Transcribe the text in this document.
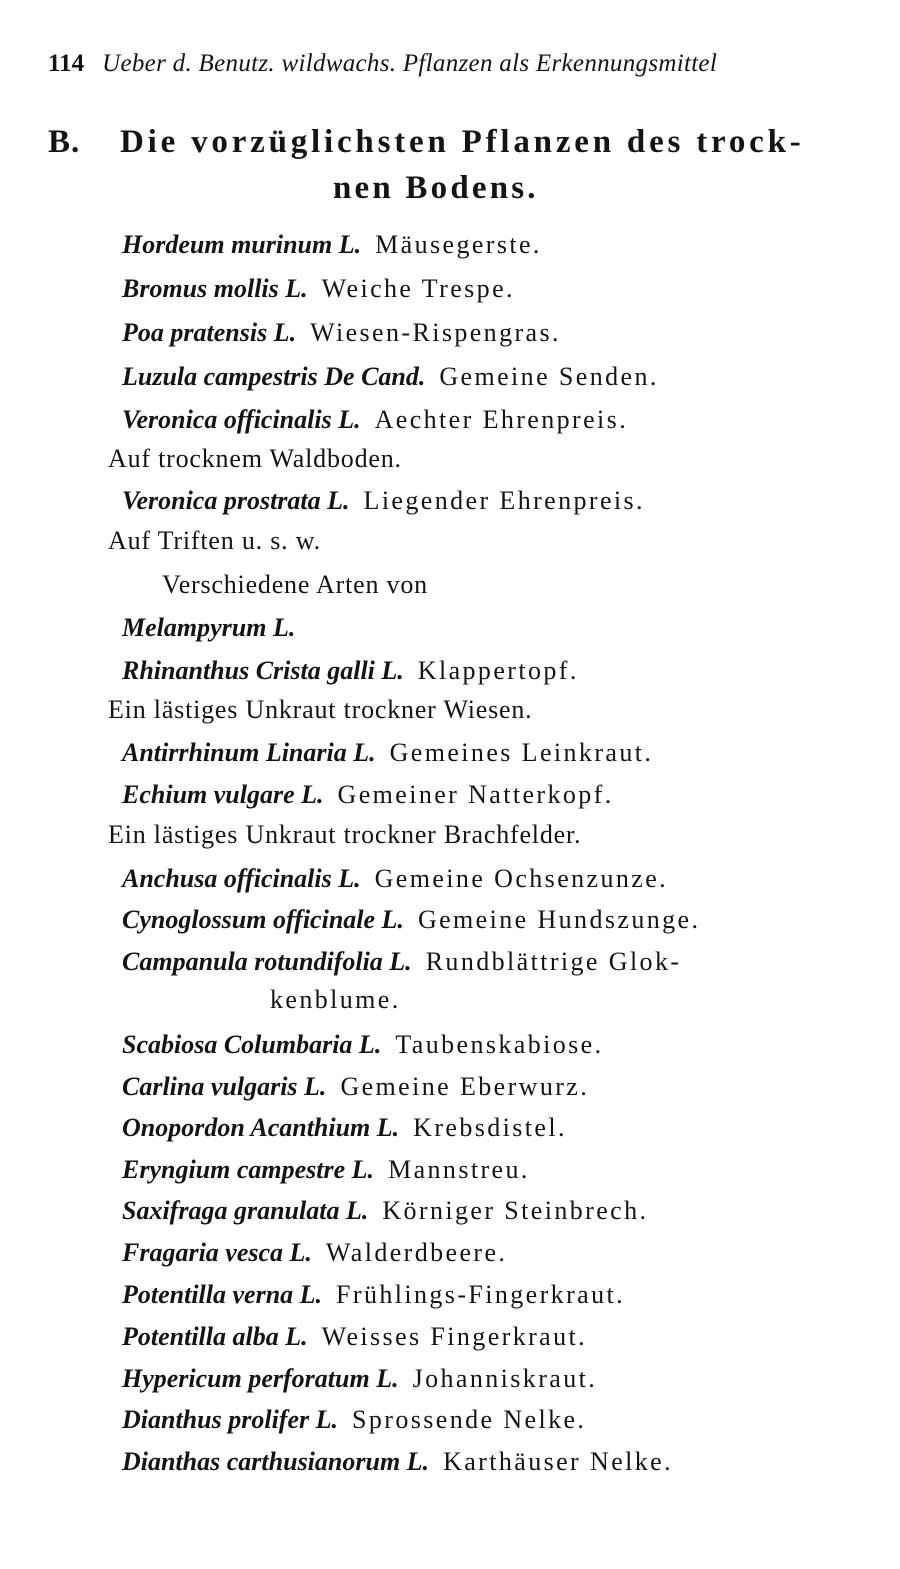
114 Ueber d. Benutz. wildwachs. Pflanzen als Erkennungsmittel
B. Die vorzüglichsten Pflanzen des trock-
nen Bodens.
Hordeum murinum L. Mäusegerste.
Bromus mollis L. Weiche Trespe.
Poa pratensis L. Wiesen-Rispengras.
Luzula campestris De Cand. Gemeine Senden.
Veronica officinalis L. Aechter Ehrenpreis.
Auf trocknem Waldboden.
Veronica prostrata L. Liegender Ehrenpreis.
Auf Triften u. s. w.
Verschiedene Arten von
Melampyrum L.
Rhinanthus Crista galli L. Klappertopf.
Ein lästiges Unkraut trockner Wiesen.
Antirrhinum Linaria L. Gemeines Leinkraut.
Echium vulgare L. Gemeiner Natterkopf.
Ein lästiges Unkraut trockner Brachfelder.
Anchusa officinalis L. Gemeine Ochsenzunze.
Cynoglossum officinale L. Gemeine Hundszunge.
Campanula rotundifolia L. Rundblättrige Glok-
kenblume.
Scabiosa Columbaria L. Taubenskabiose.
Carlina vulgaris L. Gemeine Eberwurz.
Onopordon Acanthium L. Krebsdistel.
Eryngium campestre L. Mannstreu.
Saxifraga granulata L. Körniger Steinbrech.
Fragaria vesca L. Walderdbeere.
Potentilla verna L. Frühlings-Fingerkraut.
Potentilla alba L. Weisses Fingerkraut.
Hypericum perforatum L. Johanniskraut.
Dianthus prolifer L. Sprossende Nelke.
Dianthas carthusianorum L. Karthäuser Nelke.
